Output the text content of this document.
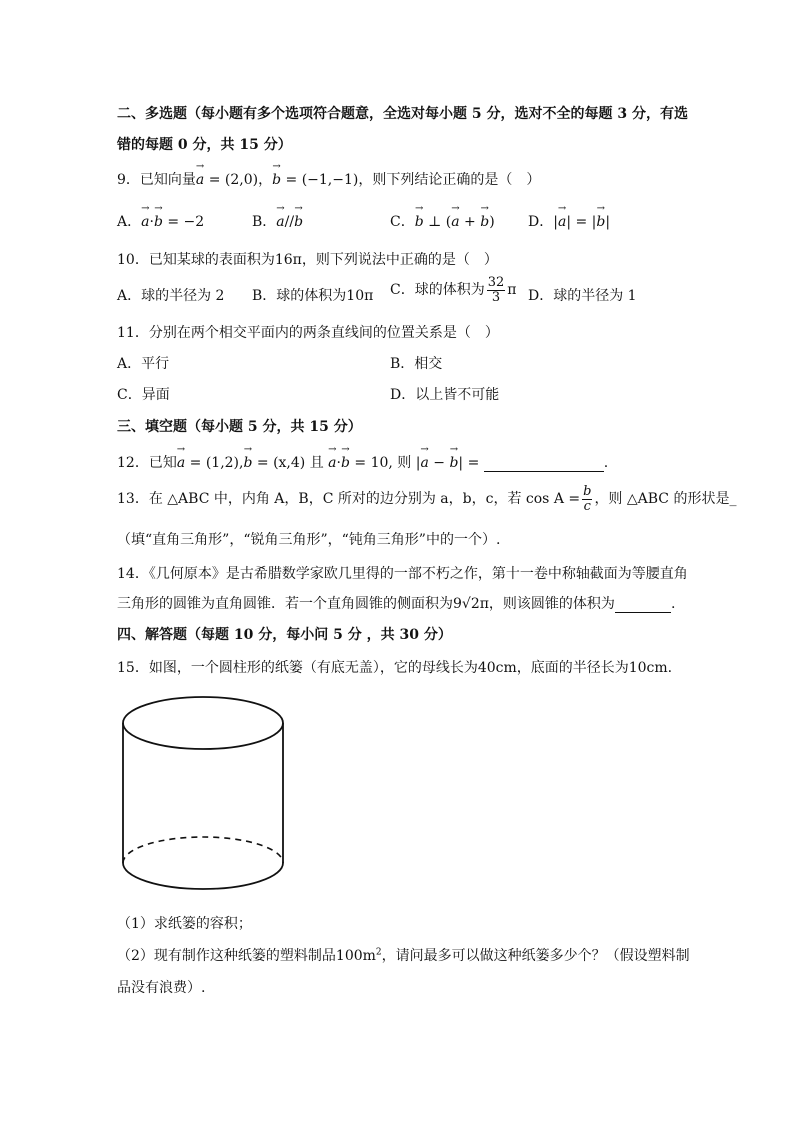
二、多选题（每小题有多个选项符合题意，全选对每小题 5 分，选对不全的每题 3 分，有选
错的每题 0 分，共 15 分）
9．已知向量→ a = (2,0)，→ b = (−1,−1)，则下列结论正确的是（　）
A．→ a·→ b = −2	B．→ a//→ b	C．→ b ⊥ (→ a + → b) D．|→ a| = |→ b|
10．已知某球的表面积为16π，则下列说法中正确的是（　）
A．球的半径为 2 B．球的体积为10π C．球的体积为 $\frac{32}{3}$ π D．球的半径为 1
11．分别在两个相交平面内的两条直线间的位置关系是（　）
A．平行	B．相交
C．异面	D．以上皆不可能
三、填空题（每小题 5 分，共 15 分）
12．已知→ a = (1,2),→ b = (x,4) 且 → a·→ b = 10, 则 |→ a − → b| =	.
13．在 △ABC 中，内角 A，B，C 所对的边分别为 a，b，c，若 $\cos A = \frac{b}{c}$ ，则 △ABC 的形状是_
（填“直角三角形”，“锐角三角形”，“钝角三角形”中的一个）.
14．《几何原本》是古希腊数学家欧几里得的一部不朽之作，第十一卷中称轴截面为等腰直角
三角形的圆锥为直角圆锥．若一个直角圆锥的侧面积为9√2π，则该圆锥的体积为	.
四、解答题（每题 10 分，每小问 5 分 ，共 30 分）
15．如图，一个圆柱形的纸篓（有底无盖），它的母线长为40cm，底面的半径长为10cm.
（1）求纸篓的容积；
（2）现有制作这种纸篓的塑料制品$100m^2$，请问最多可以做这种纸篓多少个？（假设塑料制
品没有浪费）.
